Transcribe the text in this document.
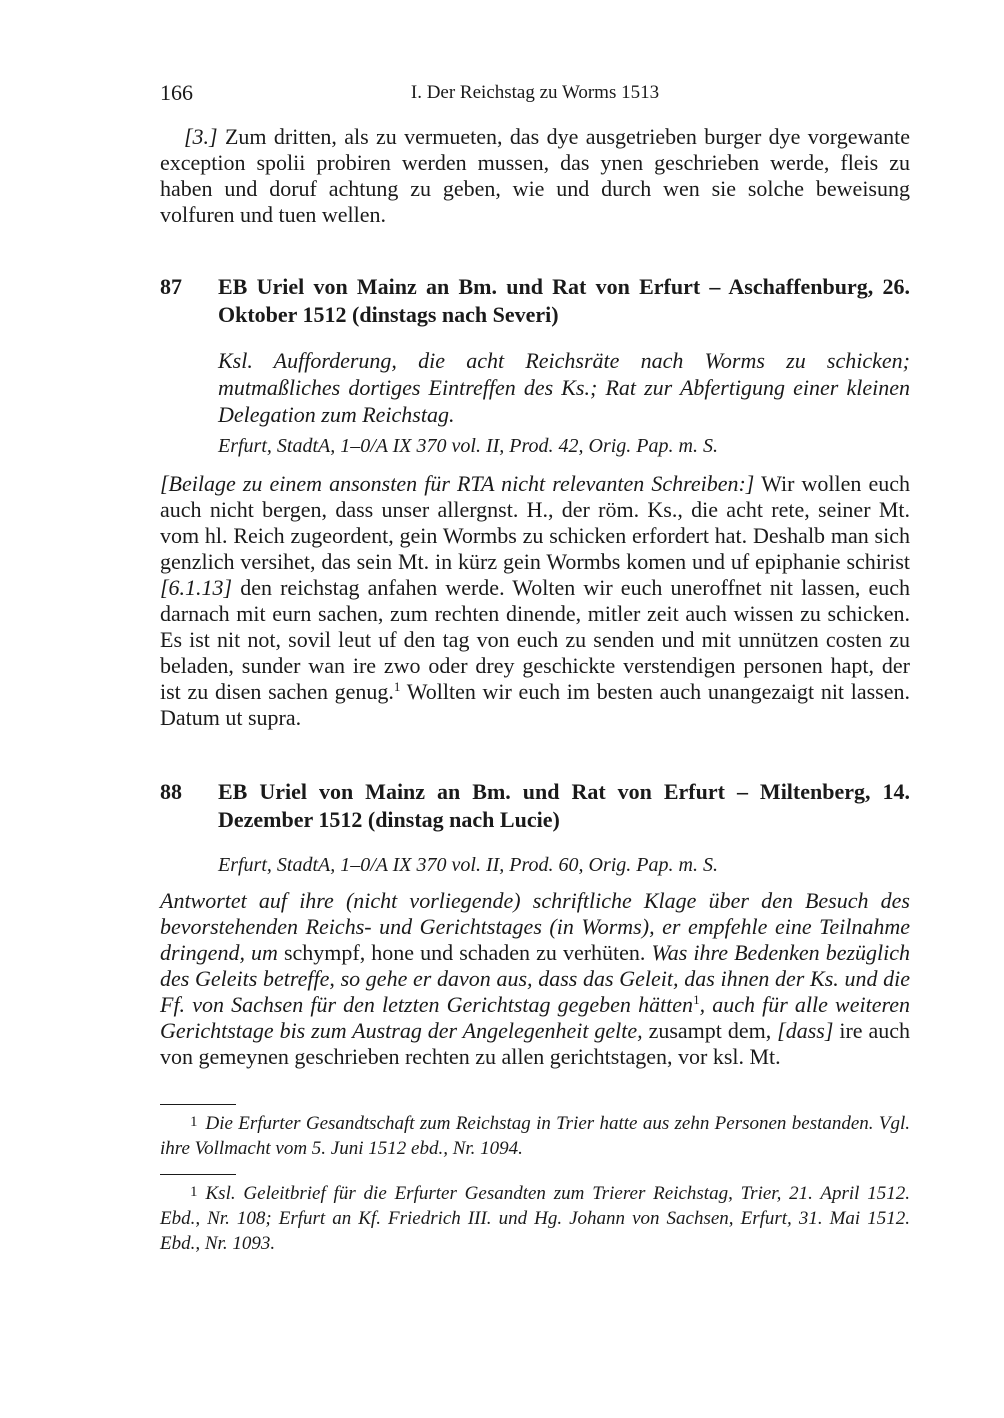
166	I. Der Reichstag zu Worms 1513

[3.] Zum dritten, als zu vermueten, das dye ausgetrieben burger dye vorgewante exception spolii probiren werden mussen, das ynen geschrieben werde, fleis zu haben und doruf achtung zu geben, wie und durch wen sie solche beweisung volfuren und tuen wellen.

87 EB Uriel von Mainz an Bm. und Rat von Erfurt – Aschaffenburg, 26. Oktober 1512 (dinstags nach Severi)
Ksl. Aufforderung, die acht Reichsräte nach Worms zu schicken; mutmaßliches dortiges Eintreffen des Ks.; Rat zur Abfertigung einer kleinen Delegation zum Reichstag.
Erfurt, StadtA, 1–0/A IX 370 vol. II, Prod. 42, Orig. Pap. m. S.

[Beilage zu einem ansonsten für RTA nicht relevanten Schreiben:] Wir wollen euch auch nicht bergen, dass unser allergnst. H., der röm. Ks., die acht rete, seiner Mt. vom hl. Reich zugeordent, gein Wormbs zu schicken erfordert hat. Deshalb man sich genzlich versihet, das sein Mt. in kürz gein Wormbs komen und uf epiphanie schirist [6.1.13] den reichstag anfahen werde. Wolten wir euch uneroffnet nit lassen, euch darnach mit eurn sachen, zum rechten dinende, mitler zeit auch wissen zu schicken. Es ist nit not, sovil leut uf den tag von euch zu senden und mit unnützen costen zu beladen, sunder wan ire zwo oder drey geschickte verstendigen personen hapt, der ist zu disen sachen genug.$^1$ Wollten wir euch im besten auch unangezaigt nit lassen. Datum ut supra.

88 EB Uriel von Mainz an Bm. und Rat von Erfurt – Miltenberg, 14. Dezember 1512 (dinstag nach Lucie)
Erfurt, StadtA, 1–0/A IX 370 vol. II, Prod. 60, Orig. Pap. m. S.

Antwortet auf ihre (nicht vorliegende) schriftliche Klage über den Besuch des bevorstehenden Reichs- und Gerichtstages (in Worms), er empfehle eine Teilnahme dringend, um schympf, hone und schaden zu verhüten. Was ihre Bedenken bezüglich des Geleits betreffe, so gehe er davon aus, dass das Geleit, das ihnen der Ks. und die Ff. von Sachsen für den letzten Gerichtstag gegeben hätten$^1$, auch für alle weiteren Gerichtstage bis zum Austrag der Angelegenheit gelte, zusampt dem, [dass] ire auch von gemeynen geschrieben rechten zu allen gerichtstagen, vor ksl. Mt.

1 Die Erfurter Gesandtschaft zum Reichstag in Trier hatte aus zehn Personen bestanden. Vgl. ihre Vollmacht vom 5. Juni 1512 ebd., Nr. 1094.
1 Ksl. Geleitbrief für die Erfurter Gesandten zum Trierer Reichstag, Trier, 21. April 1512. Ebd., Nr. 108; Erfurt an Kf. Friedrich III. und Hg. Johann von Sachsen, Erfurt, 31. Mai 1512. Ebd., Nr. 1093.
